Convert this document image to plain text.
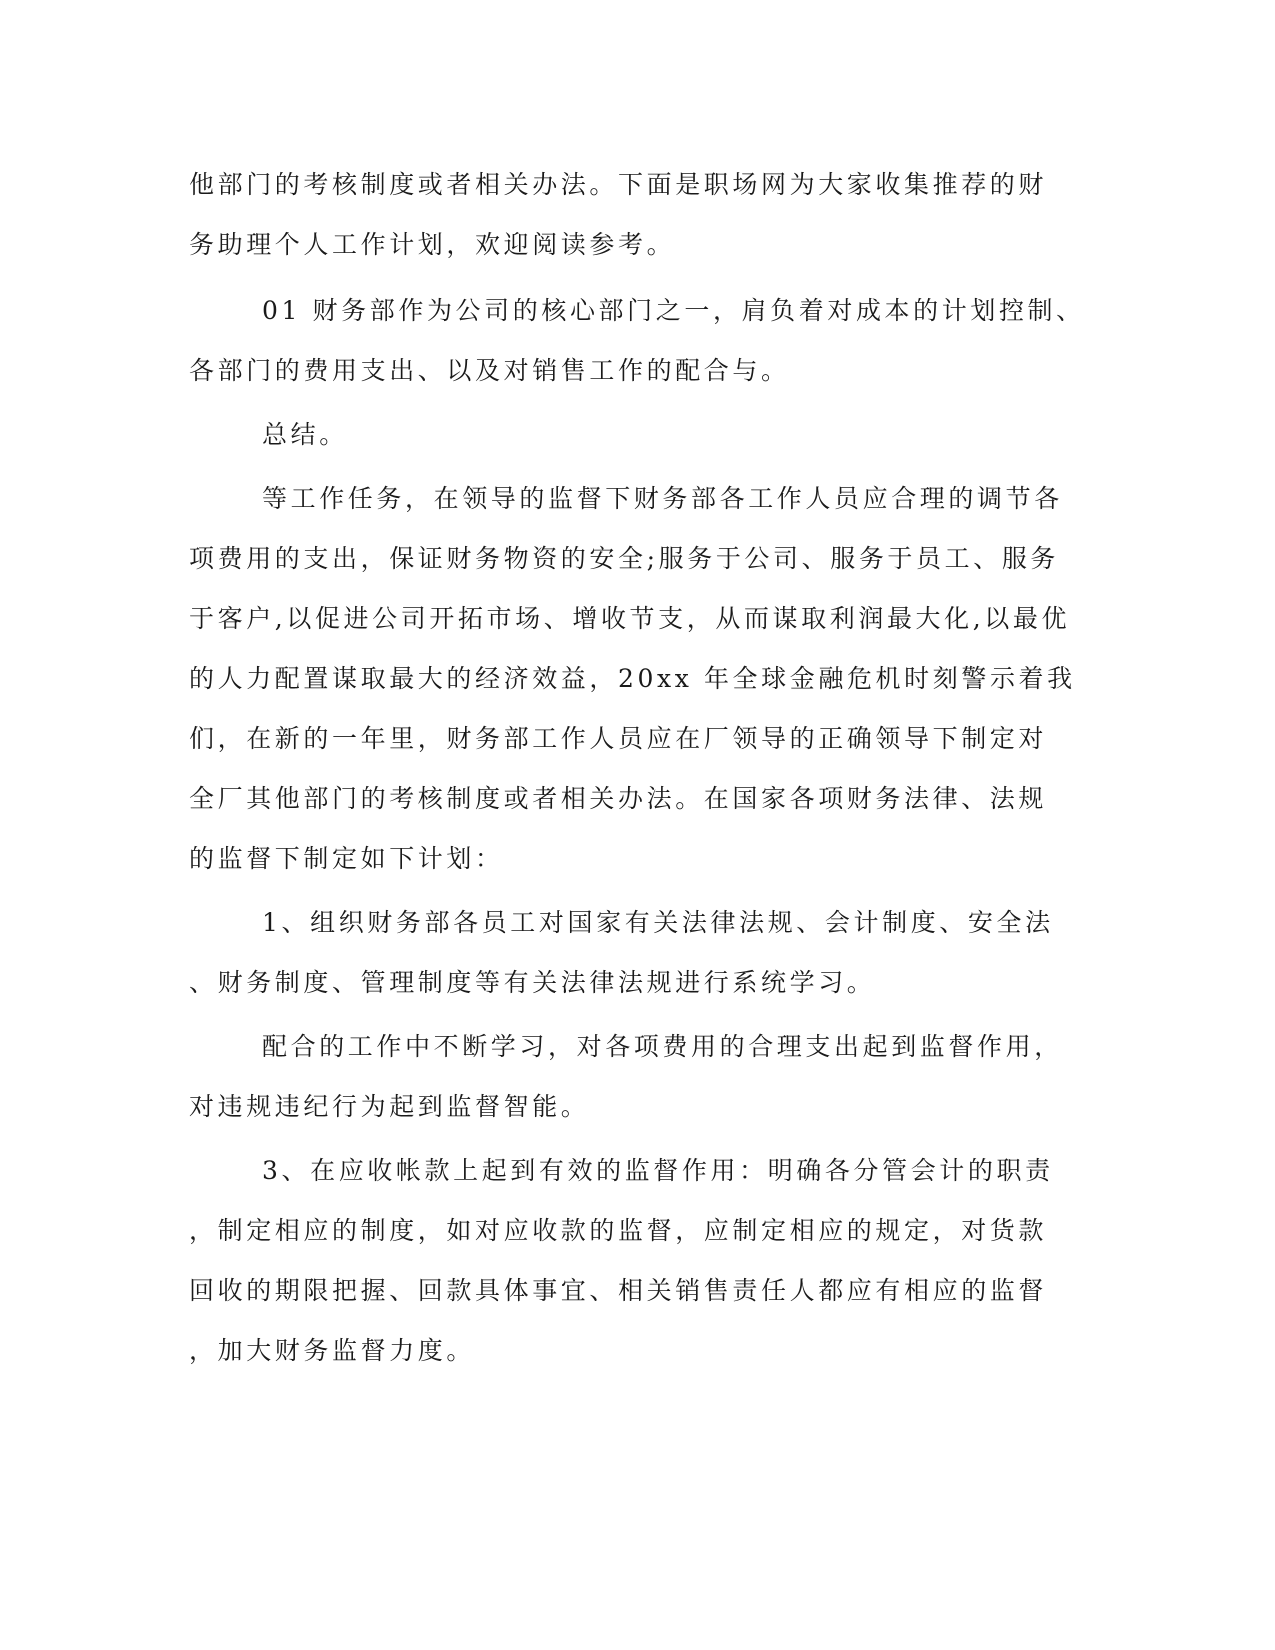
他部门的考核制度或者相关办法。下面是职场网为大家收集推荐的财
务助理个人工作计划，欢迎阅读参考。
01 财务部作为公司的核心部门之一，肩负着对成本的计划控制、
各部门的费用支出、以及对销售工作的配合与。
总结。
等工作任务，在领导的监督下财务部各工作人员应合理的调节各
项费用的支出，保证财务物资的安全;服务于公司、服务于员工、服务
于客户,以促进公司开拓市场、增收节支，从而谋取利润最大化,以最优
的人力配置谋取最大的经济效益，20xx 年全球金融危机时刻警示着我
们，在新的一年里，财务部工作人员应在厂领导的正确领导下制定对
全厂其他部门的考核制度或者相关办法。在国家各项财务法律、法规
的监督下制定如下计划：
1、组织财务部各员工对国家有关法律法规、会计制度、安全法
、财务制度、管理制度等有关法律法规进行系统学习。
配合的工作中不断学习，对各项费用的合理支出起到监督作用，
对违规违纪行为起到监督智能。
3、在应收帐款上起到有效的监督作用：明确各分管会计的职责
，制定相应的制度，如对应收款的监督，应制定相应的规定，对货款
回收的期限把握、回款具体事宜、相关销售责任人都应有相应的监督
，加大财务监督力度。
